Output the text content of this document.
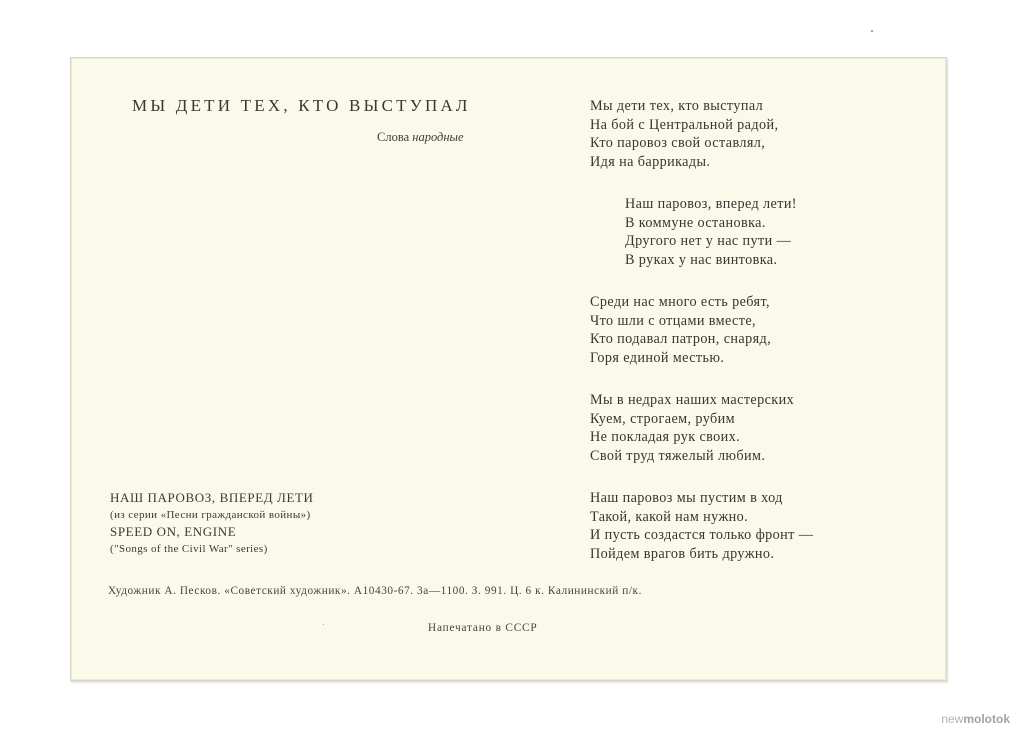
МЫ ДЕТИ ТЕХ, КТО ВЫСТУПАЛ
Слова народные
Мы дети тех, кто выступал
На бой с Центральной радой,
Кто паровоз свой оставлял,
Идя на баррикады.
Наш паровоз, вперед лети!
В коммуне остановка.
Другого нет у нас пути —
В руках у нас винтовка.
Среди нас много есть ребят,
Что шли с отцами вместе,
Кто подавал патрон, снаряд,
Горя единой местью.
Мы в недрах наших мастерских
Куем, строгаем, рубим
Не покладая рук своих.
Свой труд тяжелый любим.
Наш паровоз мы пустим в ход
Такой, какой нам нужно.
И пусть создастся только фронт —
Пойдем врагов бить дружно.
НАШ ПАРОВОЗ, ВПЕРЕД ЛЕТИ
(из серии «Песни гражданской войны»)
SPEED ON, ENGINE
("Songs of the Civil War" series)
Художник А. Песков. «Советский художник». А10430-67. 3а—1100. З. 991. Ц. 6 к. Калининский п/к.
Напечатано в СССР
newmolotok
